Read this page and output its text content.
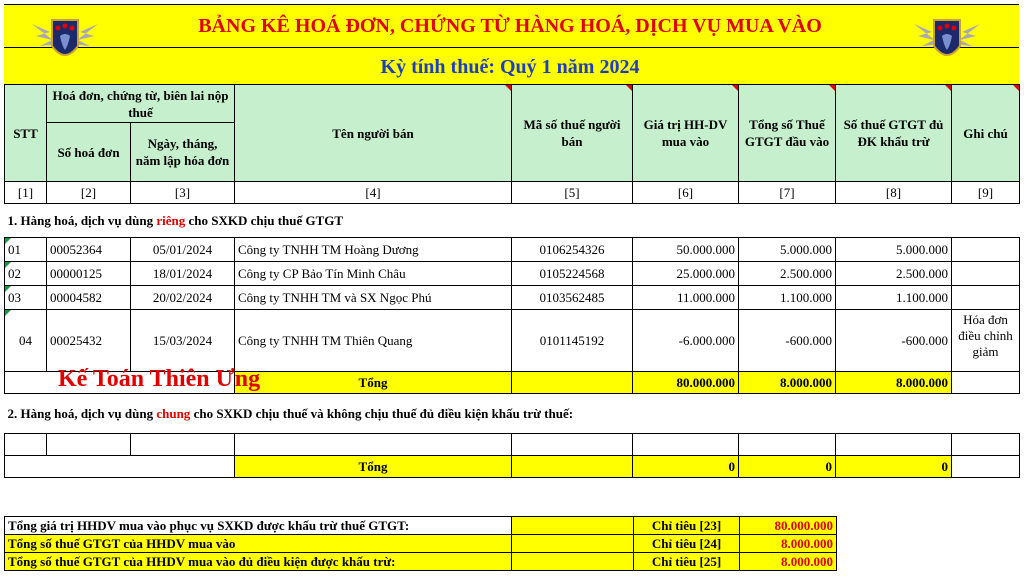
BẢNG KÊ HOÁ ĐƠN, CHỨNG TỪ HÀNG HOÁ, DỊCH VỤ MUA VÀO
Kỳ tính thuế: Quý 1 năm 2024
STT	Hoá đơn, chứng từ, biên lai nộp thuế		Tên người bán	Mã số thuế người bán	Giá trị HH-DV mua vào	Tổng số Thuế GTGT đầu vào	Số thuế GTGT đủ ĐK khấu trừ	Ghi chú

	Số hoá đơn	Ngày, tháng, năm lập hóa đơn						
[1]	[2]	[3]	[4]	[5]	[6]	[7]	[8]	[9]
1. Hàng hoá, dịch vụ dùng riêng cho SXKD chịu thuế GTGT								

01	00052364	05/01/2024	Công ty TNHH TM Hoàng Dương	0106254326	50.000.000	5.000.000	5.000.000	

02	00000125	18/01/2024	Công ty CP Bảo Tín Minh Châu	0105224568	25.000.000	2.500.000	2.500.000	

03	00004582	20/02/2024	Công ty TNHH TM và SX Ngọc Phú	0103562485	11.000.000	1.100.000	1.100.000	

04	00025432	15/03/2024	Công ty TNHH TM Thiên Quang	0101145192	-6.000.000	-600.000	-600.000	Hóa đơn điều chỉnh giảm
			Tổng		80.000.000	8.000.000	8.000.000	
2. Hàng hoá, dịch vụ dùng chung cho SXKD chịu thuế và không chịu thuế đủ điều kiện khấu trừ thuế:								

			Tổng		0	0	0	
Kế Toán Thiên Ưng
Tổng giá trị HHDV mua vào phục vụ SXKD được khấu trừ thuế GTGT:		Chỉ tiêu [23]	80.000.000
Tổng số thuế GTGT của HHDV mua vào		Chỉ tiêu [24]	8.000.000
Tổng số thuế GTGT của HHDV mua vào đủ điều kiện được khấu trừ:		Chỉ tiêu [25]	8.000.000
